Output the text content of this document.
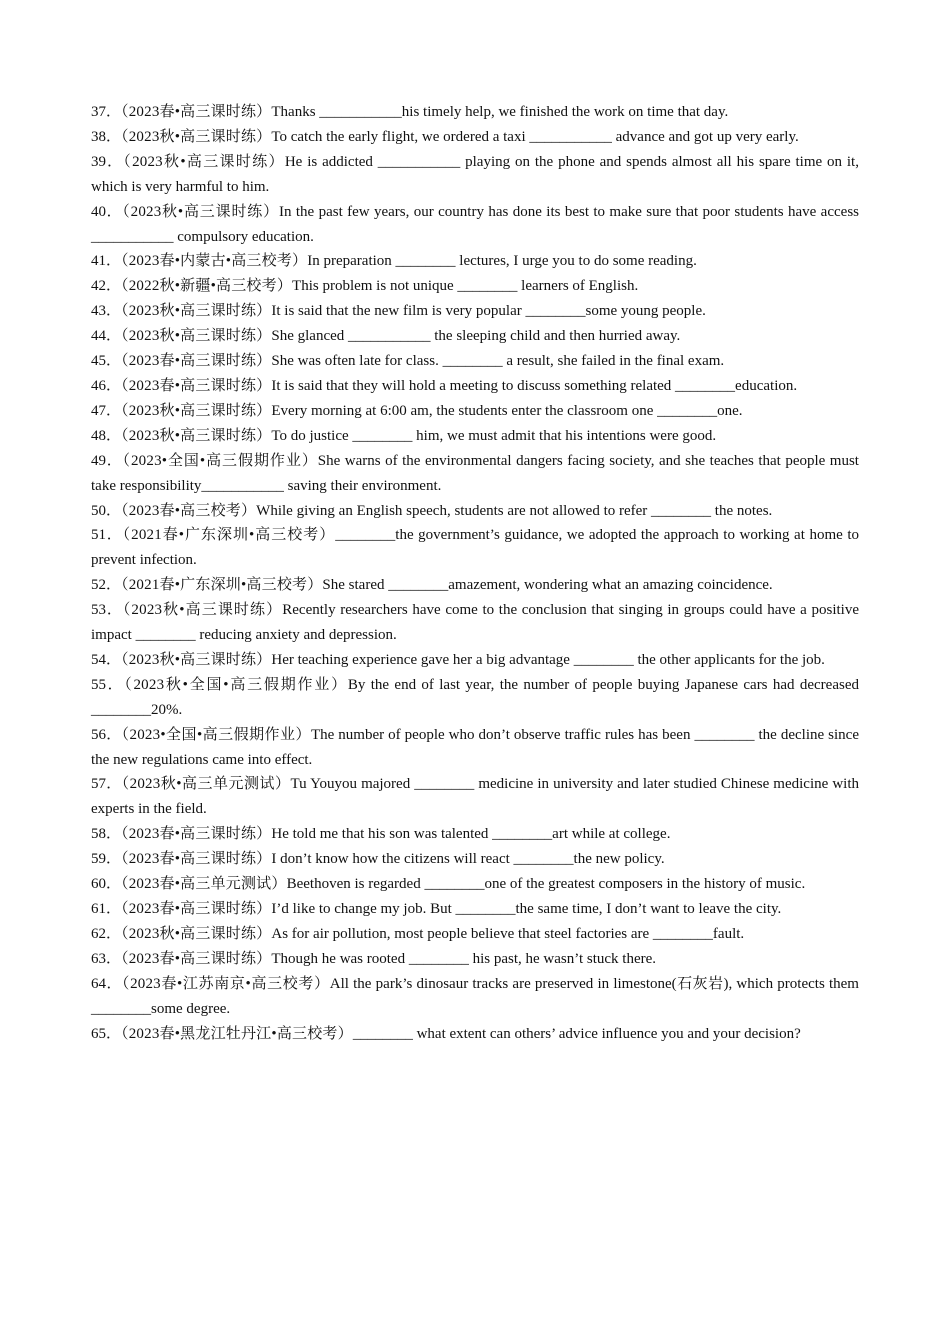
37．（2023春•高三课时练）Thanks ___________his timely help, we finished the work on time that day.

38．（2023秋•高三课时练）To catch the early flight, we ordered a taxi ___________ advance and got up very early.

39．（2023秋•高三课时练）He is addicted ___________ playing on the phone and spends almost all his spare time on it, which is very harmful to him.

40．（2023秋•高三课时练）In the past few years, our country has done its best to make sure that poor students have access ___________ compulsory education.

41．（2023春•内蒙古•高三校考）In preparation ________ lectures, I urge you to do some reading.

42．（2022秋•新疆•高三校考）This problem is not unique ________ learners of English.

43．（2023秋•高三课时练）It is said that the new film is very popular ________some young people.

44．（2023秋•高三课时练）She glanced ___________ the sleeping child and then hurried away.

45．（2023春•高三课时练）She was often late for class. ________ a result, she failed in the final exam.

46．（2023春•高三课时练）It is said that they will hold a meeting to discuss something related ________education.

47．（2023秋•高三课时练）Every morning at 6:00 am, the students enter the classroom one ________one.

48．（2023秋•高三课时练）To do justice ________ him, we must admit that his intentions were good.

49．（2023•全国•高三假期作业）She warns of the environmental dangers facing society, and she teaches that people must take responsibility___________ saving their environment.

50．（2023春•高三校考）While giving an English speech, students are not allowed to refer ________ the notes.

51．（2021春•广东深圳•高三校考）________the government’s guidance, we adopted the approach to working at home to prevent infection.

52．（2021春•广东深圳•高三校考）She stared ________amazement, wondering what an amazing coincidence.

53．（2023秋•高三课时练）Recently researchers have come to the conclusion that singing in groups could have a positive impact ________ reducing anxiety and depression.

54．（2023秋•高三课时练）Her teaching experience gave her a big advantage ________ the other applicants for the job.

55．（2023秋•全国•高三假期作业）By the end of last year, the number of people buying Japanese cars had decreased ________20%.

56．（2023•全国•高三假期作业）The number of people who don’t observe traffic rules has been ________ the decline since the new regulations came into effect.

57．（2023秋•高三单元测试）Tu Youyou majored ________ medicine in university and later studied Chinese medicine with experts in the field.

58．（2023春•高三课时练）He told me that his son was talented ________art while at college.

59．（2023春•高三课时练）I don’t know how the citizens will react ________the new policy.

60．（2023春•高三单元测试）Beethoven is regarded ________one of the greatest composers in the history of music.

61．（2023春•高三课时练）I’d like to change my job. But ________the same time, I don’t want to leave the city.

62．（2023秋•高三课时练）As for air pollution, most people believe that steel factories are ________fault.

63．（2023春•高三课时练）Though he was rooted ________ his past, he wasn’t stuck there.

64．（2023春•江苏南京•高三校考）All the park’s dinosaur tracks are preserved in limestone(石灰岩), which protects them ________some degree.

65．（2023春•黑龙江牡丹江•高三校考）________ what extent can others’ advice influence you and your decision?
